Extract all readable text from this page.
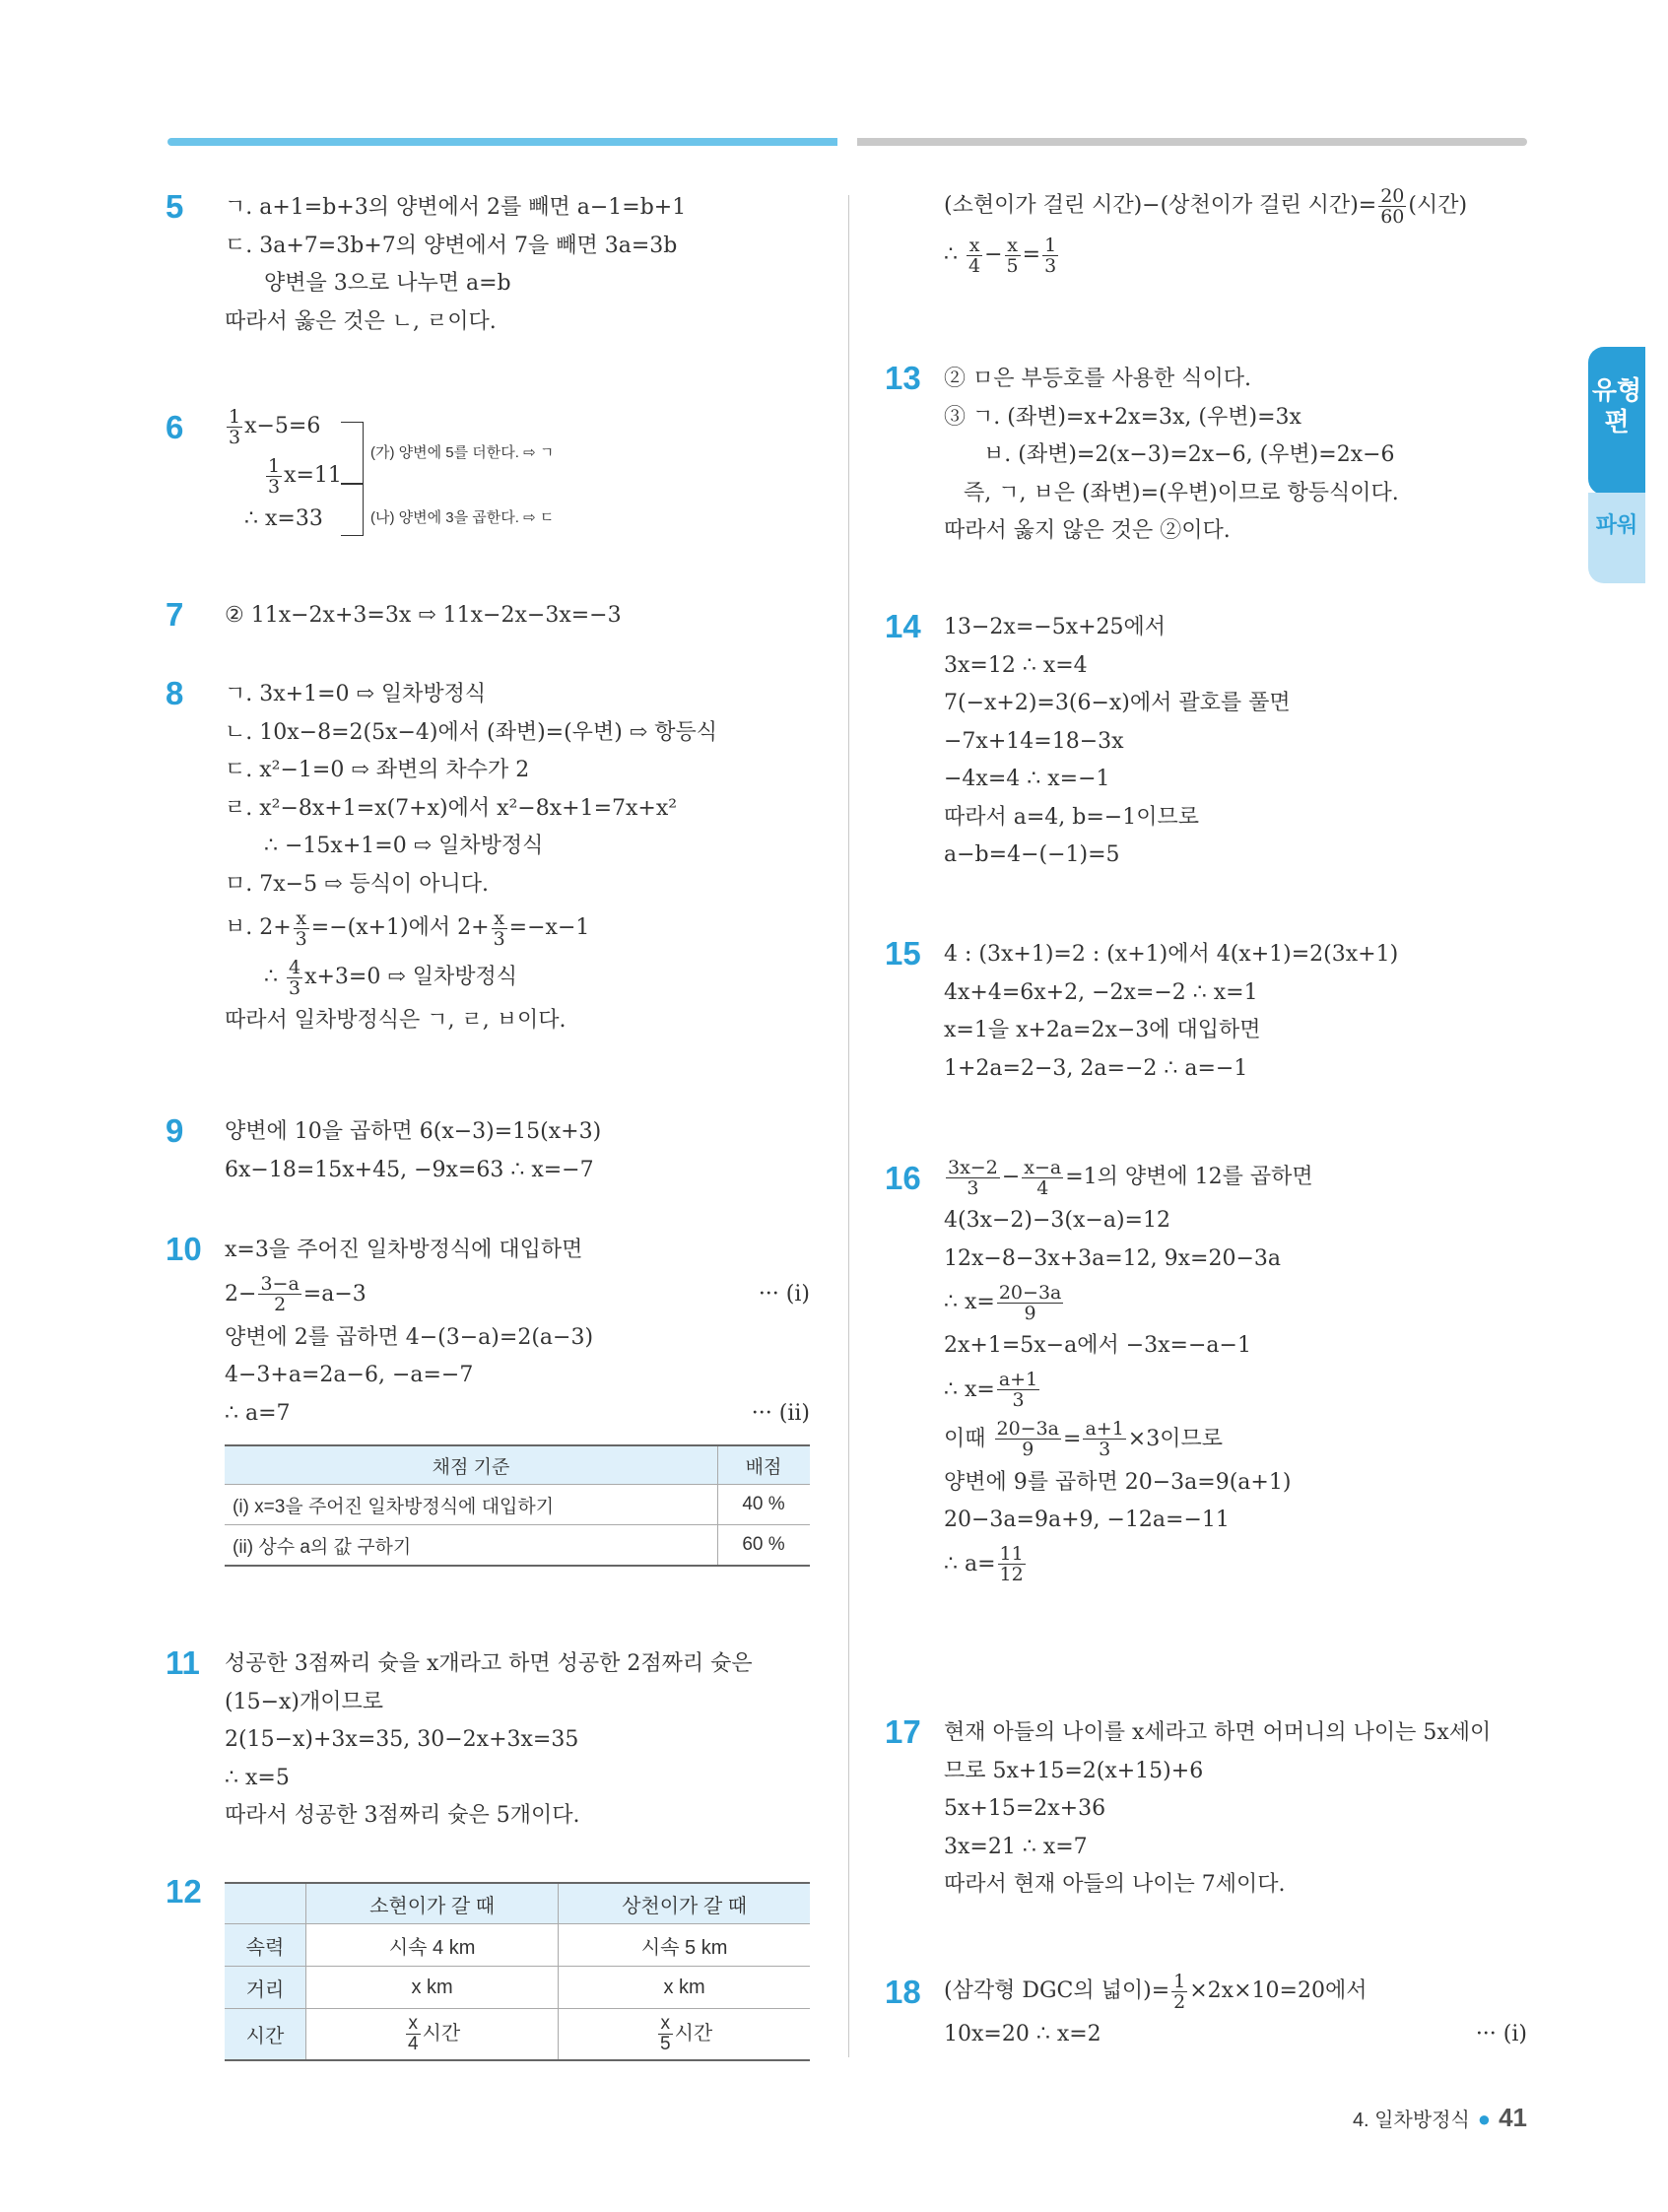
유형편
파워
5 ㄱ. a+1=b+3의 양변에서 2를 빼면 a−1=b+1
ㄷ. 3a+7=3b+7의 양변에서 7을 빼면 3a=3b
양변을 3으로 나누면 a=b
따라서 옳은 것은 ㄴ, ㄹ이다.
$6 \frac{1}{3} x-5=6$
$\frac{1}{3} x=11$
∴ x=33
(가) 양변에 5를 더한다. ⇨ ㄱ
(나) 양변에 3을 곱한다. ⇨ ㄷ
7 ② 11x−2x+3=3x ⇨ 11x−2x−3x=−3
8 ㄱ. 3x+1=0 ⇨ 일차방정식
ㄴ. 10x−8=2(5x−4)에서 (좌변)=(우변) ⇨ 항등식
ㄷ. x²−1=0 ⇨ 좌변의 차수가 2
ㄹ. x²−8x+1=x(7+x)에서 x²−8x+1=7x+x²
∴ −15x+1=0 ⇨ 일차방정식
ㅁ. 7x−5 ⇨ 등식이 아니다.
ㅂ. $2+ \frac{x}{3} =-(x+1)$에서 $2+ \frac{x}{3} =-x-1$
∴ $\frac{4}{3} x+3=0$ ⇨ 일차방정식
따라서 일차방정식은 ㄱ, ㄹ, ㅂ이다.
9 양변에 10을 곱하면 6(x−3)=15(x+3)
6x−18=15x+45, −9x=63 ∴ x=−7
10 x=3을 주어진 일차방정식에 대입하면
$2- \frac{3-a}{2} =a-3$	··· (i)
양변에 2를 곱하면 4−(3−a)=2(a−3)
4−3+a=2a−6, −a=−7
∴ a=7	··· (ii)
채점 기준	배점
(i) x=3을 주어진 일차방정식에 대입하기	40 %
(ii) 상수 a의 값 구하기	60 %
11 성공한 3점짜리 슛을 x개라고 하면 성공한 2점짜리 슛은
(15−x)개이므로
2(15−x)+3x=35, 30−2x+3x=35
∴ x=5
따라서 성공한 3점짜리 슛은 5개이다.
12
		소현이가 갈 때	상천이가 갈 때
속력	시속 4 km	시속 5 km
거리	x km	x km
시간	$\frac{x}{4}$ 시간	$\frac{x}{5}$ 시간
(소현이가 걸린 시간)−(상천이가 걸린 시간)= $\frac{20}{60}$ (시간)
∴ $\frac{x}{4} - \frac{x}{5} = \frac{1}{3}$
13 ② ㅁ은 부등호를 사용한 식이다.
③ ㄱ. (좌변)=x+2x=3x, (우변)=3x
ㅂ. (좌변)=2(x−3)=2x−6, (우변)=2x−6
즉, ㄱ, ㅂ은 (좌변)=(우변)이므로 항등식이다.
따라서 옳지 않은 것은 ②이다.
14 13−2x=−5x+25에서
3x=12 ∴ x=4
7(−x+2)=3(6−x)에서 괄호를 풀면
−7x+14=18−3x
−4x=4 ∴ x=−1
따라서 a=4, b=−1이므로
a−b=4−(−1)=5
15 4 : (3x+1)=2 : (x+1)에서 4(x+1)=2(3x+1)
4x+4=6x+2, −2x=−2 ∴ x=1
x=1을 x+2a=2x−3에 대입하면
1+2a=2−3, 2a=−2 ∴ a=−1
$16 \frac{3x-2}{3} - \frac{x-a}{4} =1$의 양변에 12를 곱하면
4(3x−2)−3(x−a)=12
12x−8−3x+3a=12, 9x=20−3a
∴ $x= \frac{20-3a}{9}$
2x+1=5x−a에서 −3x=−a−1
∴ $x= \frac{a+1}{3}$
이때 $\frac{20-3a}{9} = \frac{a+1}{3} \times 3$이므로
양변에 9를 곱하면 20−3a=9(a+1)
20−3a=9a+9, −12a=−11
∴ $a= \frac{11}{12}$
17 현재 아들의 나이를 x세라고 하면 어머니의 나이는 5x세이
므로 5x+15=2(x+15)+6
5x+15=2x+36
3x=21 ∴ x=7
따라서 현재 아들의 나이는 7세이다.
18 (삼각형 DGC의 넓이)= $\frac{1}{2} \times 2x\times 10=20$에서
10x=20 ∴ x=2	··· (i)
4. 일차방정식 ● 41
